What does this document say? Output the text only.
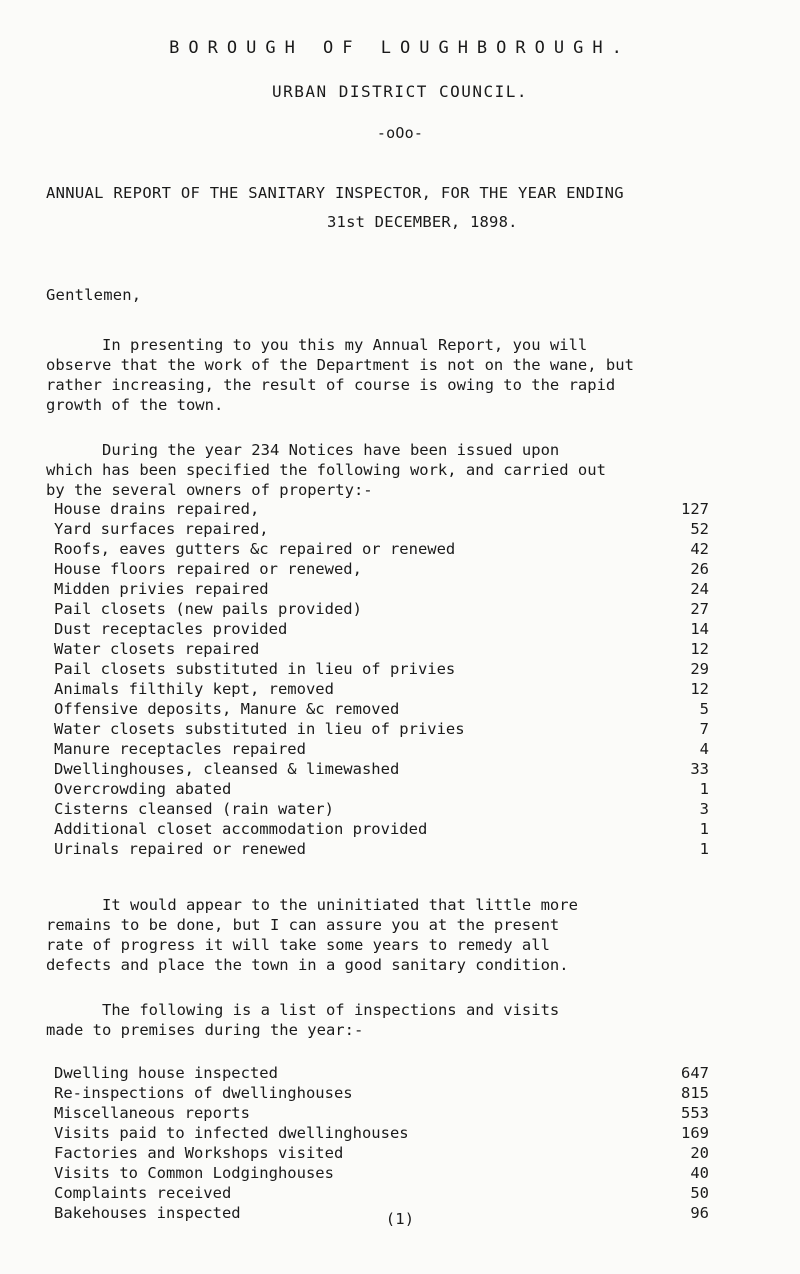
BOROUGH OF LOUGHBOROUGH.
URBAN DISTRICT COUNCIL.
-oOo-
ANNUAL REPORT OF THE SANITARY INSPECTOR, FOR THE YEAR ENDING
31st DECEMBER, 1898.
Gentlemen,
In presenting to you this my Annual Report, you will
observe that the work of the Department is not on the wane, but
rather increasing, the result of course is owing to the rapid
growth of the town.
During the year 234 Notices have been issued upon
which has been specified the following work, and carried out
by the several owners of property:-
House drains repaired,	127
Yard surfaces repaired,	52
Roofs, eaves gutters &c repaired or renewed	42
House floors repaired or renewed,	26
Midden privies repaired	24
Pail closets (new pails provided)	27
Dust receptacles provided	14
Water closets repaired	12
Pail closets substituted in lieu of privies	29
Animals filthily kept, removed	12
Offensive deposits, Manure &c removed	5
Water closets substituted in lieu of privies	7
Manure receptacles repaired	4
Dwellinghouses, cleansed & limewashed	33
Overcrowding abated	1
Cisterns cleansed (rain water)	3
Additional closet accommodation provided	1
Urinals repaired or renewed	1
It would appear to the uninitiated that little more
remains to be done, but I can assure you at the present
rate of progress it will take some years to remedy all
defects and place the town in a good sanitary condition.
The following is a list of inspections and visits
made to premises during the year:-
Dwelling house inspected	647
Re-inspections of dwellinghouses	815
Miscellaneous reports	553
Visits paid to infected dwellinghouses	169
Factories and Workshops visited	20
Visits to Common Lodginghouses	40
Complaints received	50
Bakehouses inspected	96
(1)
